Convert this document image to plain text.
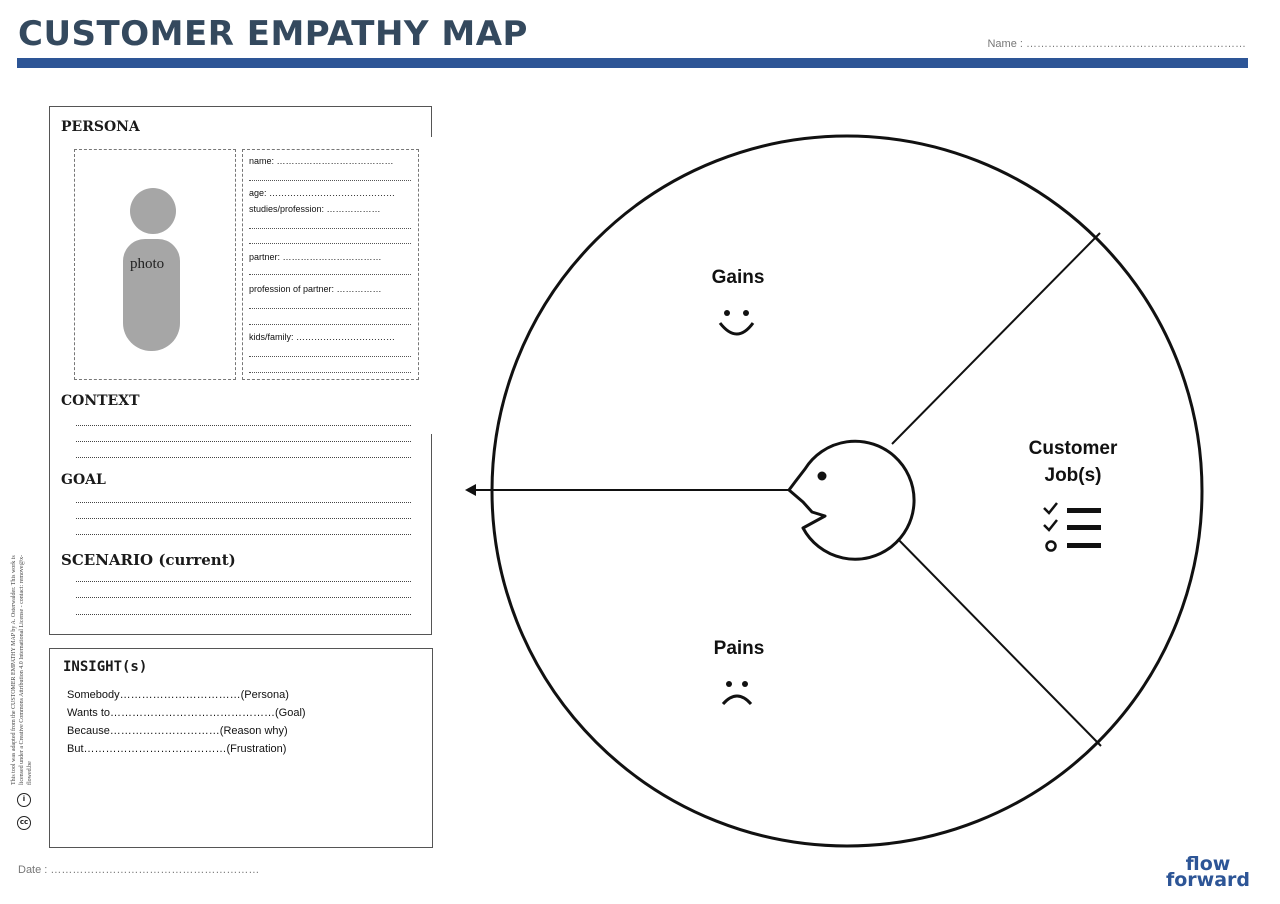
CUSTOMER EMPATHY MAP	Name : ……………………………………………………
PERSONA
photo
name: …………………………………
age: ……………………………………
studies/profession: ………………
partner: ……………………………
profession of partner: ……………
kids/family: ……………………………
CONTEXT
GOAL
SCENARIO (current)
INSIGHT(s)
Somebody……………………………(Persona)
Wants to………………………………………(Goal)
Because…………………………(Reason why)
But…………………………………(Frustration)
This tool was adapted from the CUSTOMER EMPATHY MAP by A. Osterwalder. This work is licensed under a Creative Commons Attribution 4.0 International License - contact: remove@x-flowed.be
i
cc
Date : …………………………………………………
Gains
Pains
Customer
Job(s)
flow
forward
